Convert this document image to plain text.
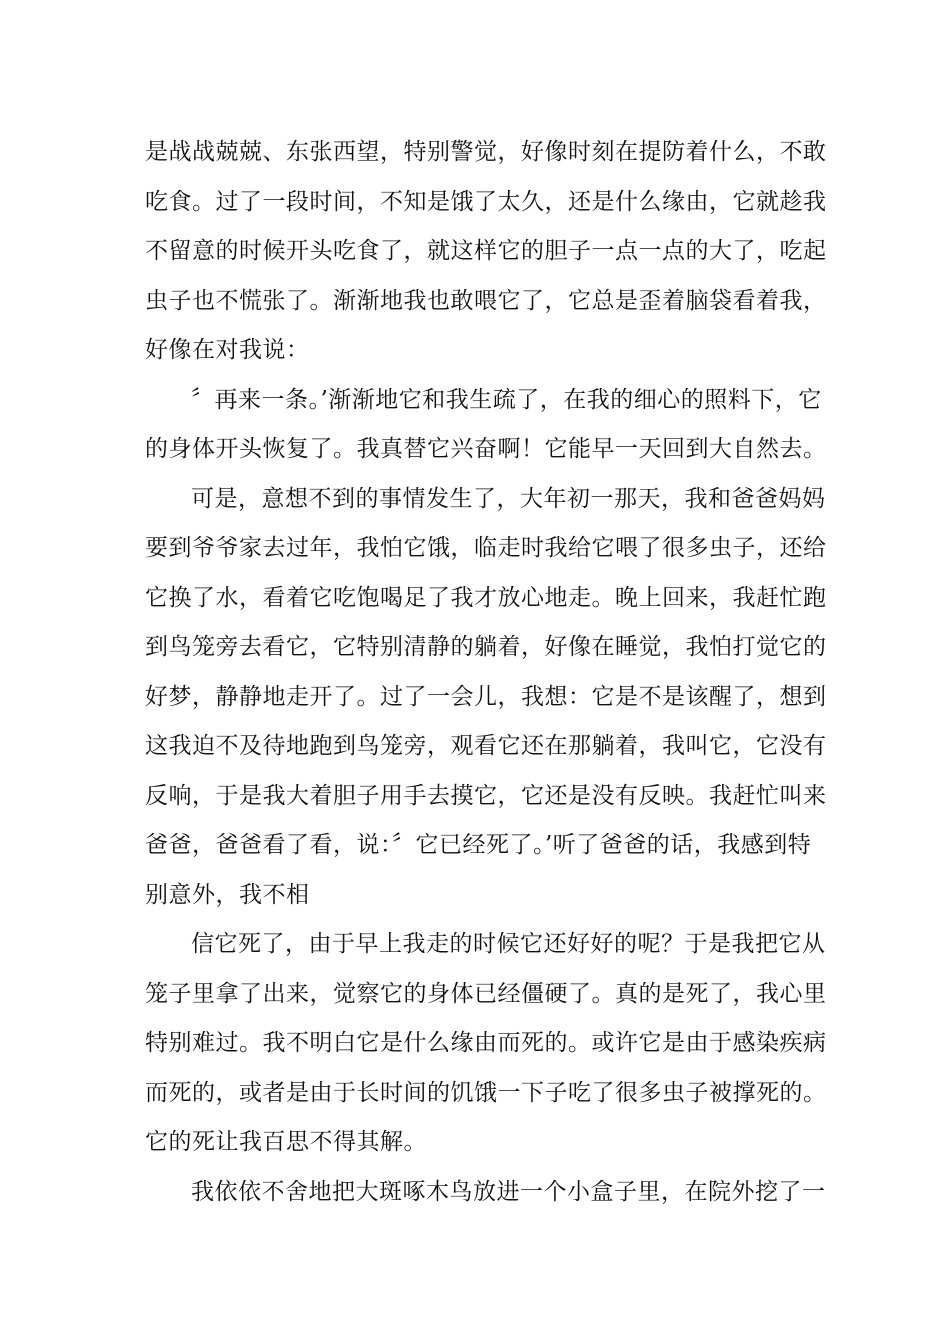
是战战兢兢、东张西望，特别警觉，好像时刻在提防着什么，不敢
吃食。过了一段时间，不知是饿了太久，还是什么缘由，它就趁我
不留意的时候开头吃食了，就这样它的胆子一点一点的大了，吃起
虫子也不慌张了。渐渐地我也敢喂它了，它总是歪着脑袋看着我，
好像在对我说：
〞再来一条。’渐渐地它和我生疏了，在我的细心的照料下，它
的身体开头恢复了。我真替它兴奋啊！它能早一天回到大自然去。
可是，意想不到的事情发生了，大年初一那天，我和爸爸妈妈
要到爷爷家去过年，我怕它饿，临走时我给它喂了很多虫子，还给
它换了水，看着它吃饱喝足了我才放心地走。晚上回来，我赶忙跑
到鸟笼旁去看它，它特别清静的躺着，好像在睡觉，我怕打觉它的
好梦，静静地走开了。过了一会儿，我想：它是不是该醒了，想到
这我迫不及待地跑到鸟笼旁，观看它还在那躺着，我叫它，它没有
反响，于是我大着胆子用手去摸它，它还是没有反映。我赶忙叫来
爸爸，爸爸看了看，说：〞它已经死了。’听了爸爸的话，我感到特
别意外，我不相
信它死了，由于早上我走的时候它还好好的呢？于是我把它从
笼子里拿了出来，觉察它的身体已经僵硬了。真的是死了，我心里
特别难过。我不明白它是什么缘由而死的。或许它是由于感染疾病
而死的，或者是由于长时间的饥饿一下子吃了很多虫子被撑死的。
它的死让我百思不得其解。
我依依不舍地把大斑啄木鸟放进一个小盒子里，在院外挖了一
